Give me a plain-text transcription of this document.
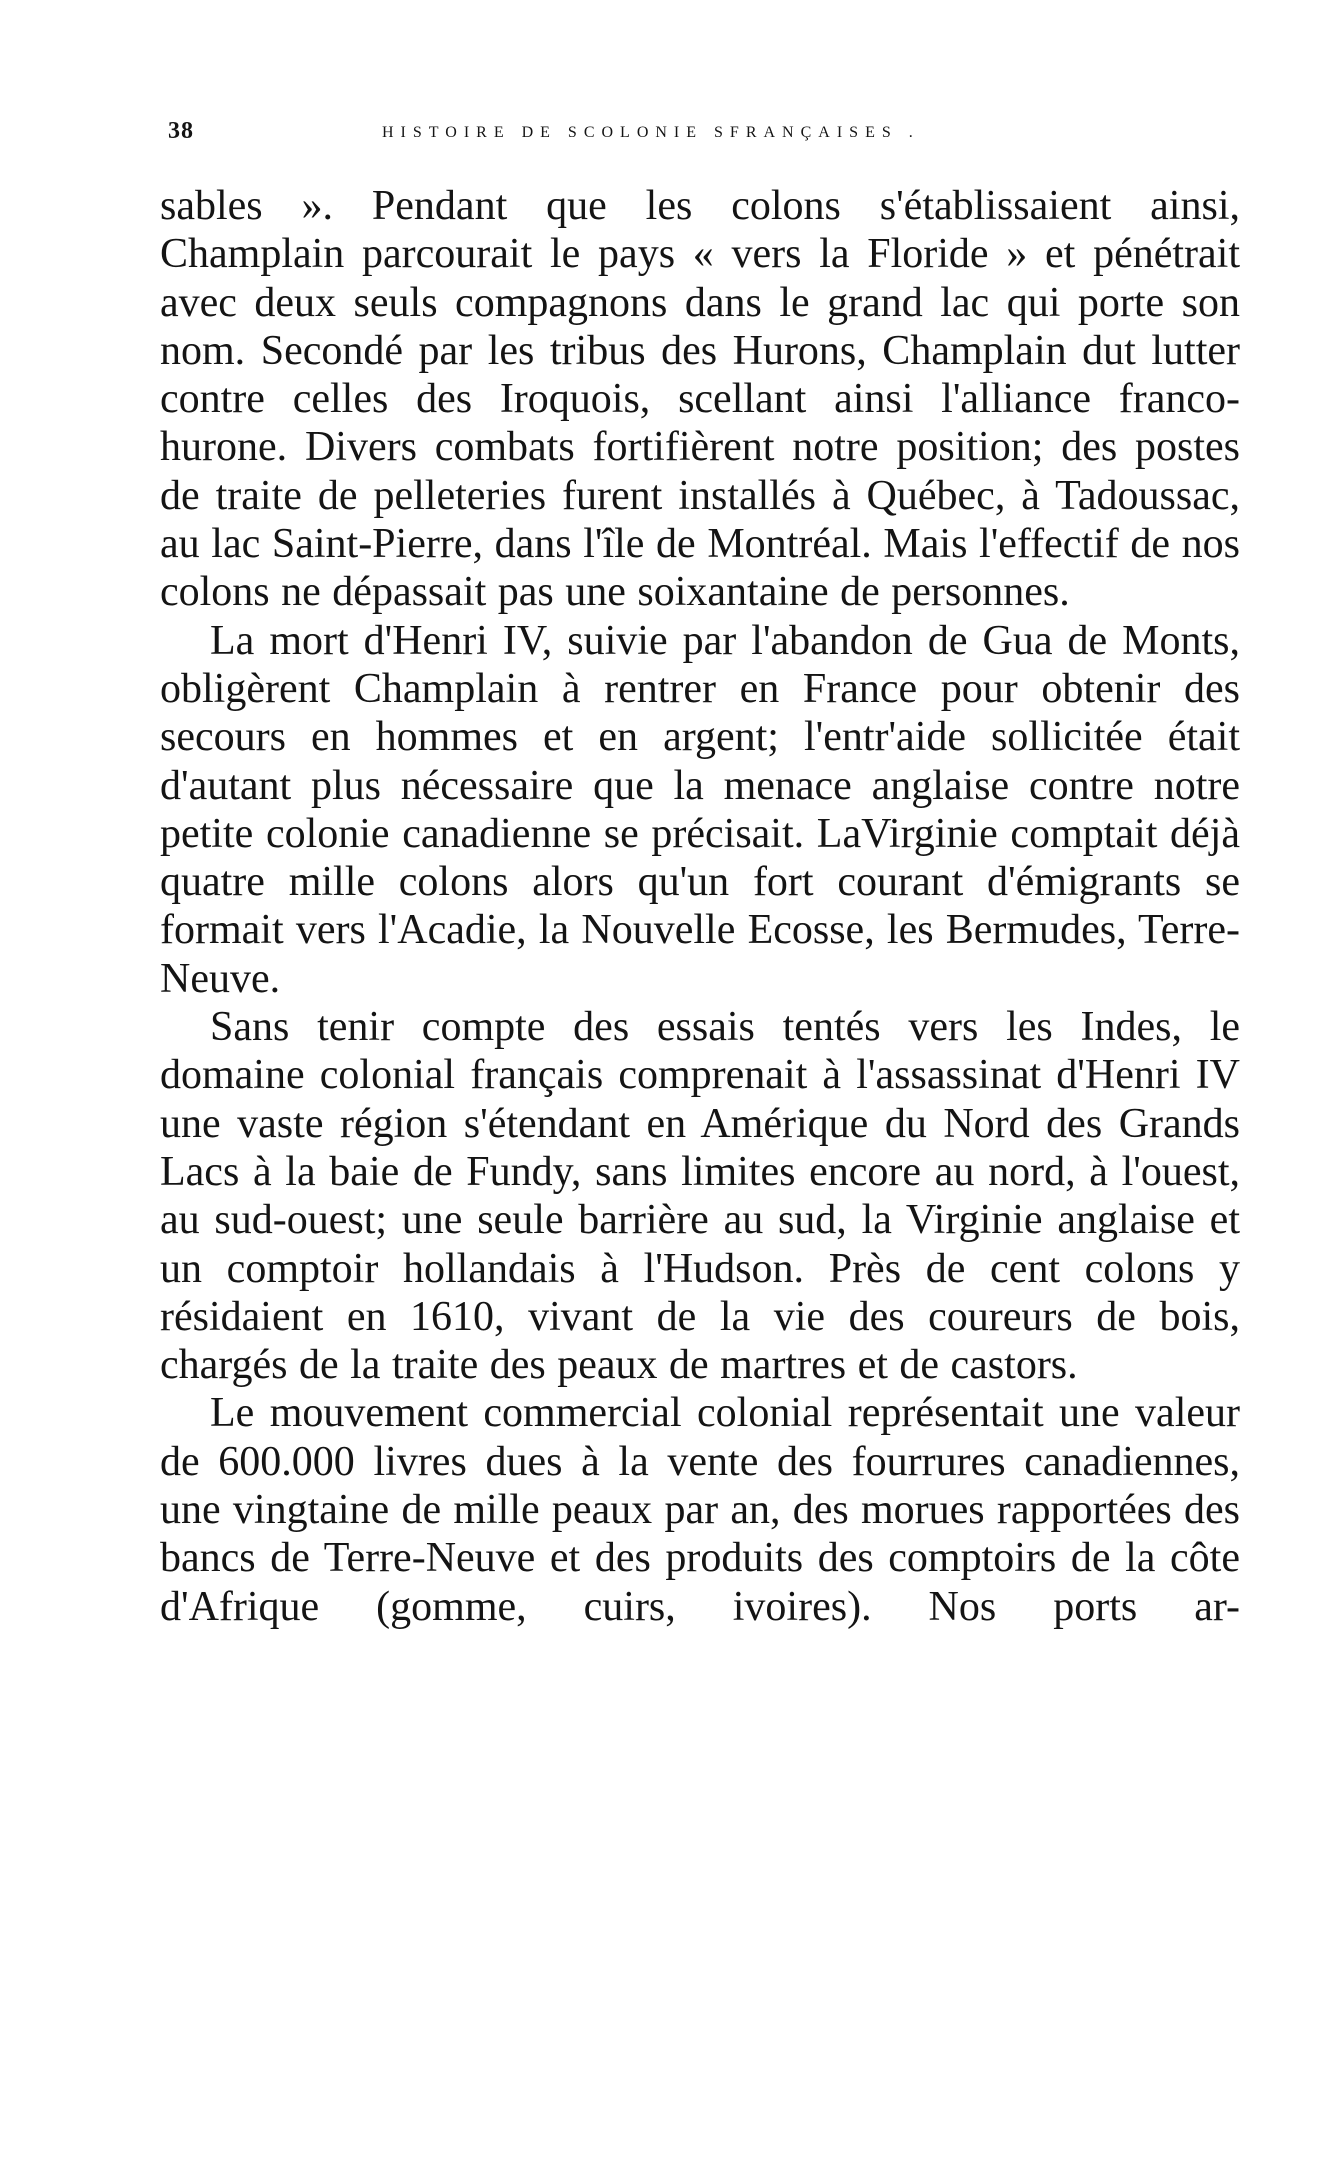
38	HISTOIRE DE SCOLONIE SFRANÇAISES .

sables ». Pendant que les colons s'établissaient ainsi, Champlain parcourait le pays « vers la Floride » et pénétrait avec deux seuls compagnons dans le grand lac qui porte son nom. Secondé par les tribus des Hurons, Champlain dut lutter contre celles des Iroquois, scellant ainsi l'alliance franco-hurone. Divers combats fortifièrent notre position; des postes de traite de pelleteries furent installés à Québec, à Tadoussac, au lac Saint-Pierre, dans l'île de Montréal. Mais l'effectif de nos colons ne dépassait pas une soixantaine de personnes.

La mort d'Henri IV, suivie par l'abandon de Gua de Monts, obligèrent Champlain à rentrer en France pour obtenir des secours en hommes et en argent; l'entr'aide sollicitée était d'autant plus nécessaire que la menace anglaise contre notre petite colonie canadienne se précisait. LaVirginie comptait déjà quatre mille colons alors qu'un fort courant d'émigrants se formait vers l'Acadie, la Nouvelle Ecosse, les Bermudes, Terre-Neuve.

Sans tenir compte des essais tentés vers les Indes, le domaine colonial français comprenait à l'assassinat d'Henri IV une vaste région s'étendant en Amérique du Nord des Grands Lacs à la baie de Fundy, sans limites encore au nord, à l'ouest, au sud-ouest; une seule barrière au sud, la Virginie anglaise et un comptoir hollandais à l'Hudson. Près de cent colons y résidaient en 1610, vivant de la vie des coureurs de bois, chargés de la traite des peaux de martres et de castors.

Le mouvement commercial colonial représentait une valeur de 600.000 livres dues à la vente des fourrures canadiennes, une vingtaine de mille peaux par an, des morues rapportées des bancs de Terre-Neuve et des produits des comptoirs de la côte d'Afrique (gomme, cuirs, ivoires). Nos ports ar-
